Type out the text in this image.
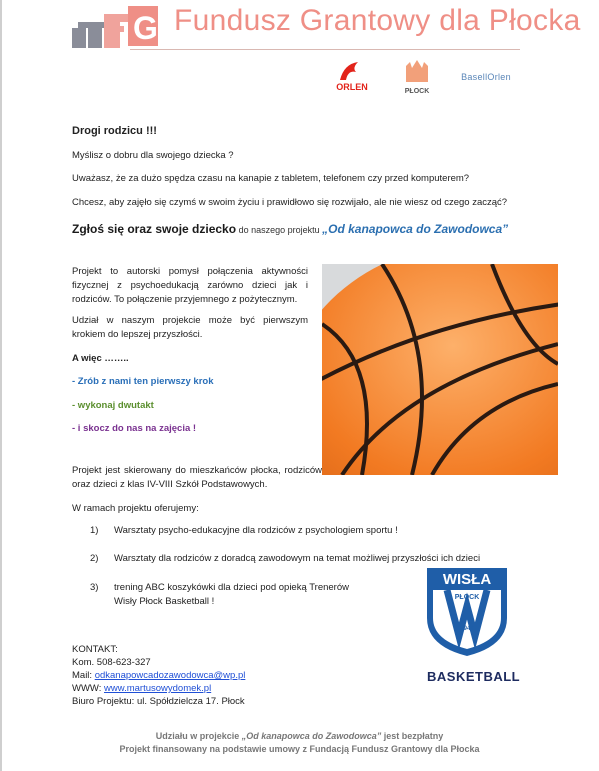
G Fundusz Grantowy dla Płocka
ORLEN	PŁOCK
BasellOrlen
Drogi rodzicu !!!
Myślisz o dobru dla swojego dziecka ?
Uważasz, że za dużo spędza czasu na kanapie z tabletem, telefonem czy przed komputerem?
Chcesz, aby zajęło się czymś w swoim życiu i prawidłowo się rozwijało, ale nie wiesz od czego zacząć?
Zgłoś się oraz swoje dziecko do naszego projektu „Od kanapowca do Zawodowca”
Projekt to autorski pomysł połączenia aktywności fizycznej z psychoedukacją zarówno dzieci jak i rodziców. To połączenie przyjemnego z pożytecznym.
Udział w naszym projekcie może być pierwszym krokiem do lepszej przyszłości.
A więc ……..
- Zrób z nami ten pierwszy krok
- wykonaj dwutakt
- i skocz do nas na zajęcia !
Projekt jest skierowany do mieszkańców płocka, rodziców oraz dzieci z klas IV-VIII Szkół Podstawowych.
W ramach projektu oferujemy:
1)	Warsztaty psycho-edukacyjne dla rodziców z psychologiem sportu !
2)	Warsztaty dla rodziców z doradcą zawodowym na temat możliwej przyszłości ich dzieci
3)	trening ABC koszykówki dla dzieci pod opieką Trenerów Wisły Płock Basketball !
WISŁA
PŁOCK
1947
BASKETBALL
KONTAKT:
Kom. 508-623-327
Mail: odkanapowcadozawodowca@wp.pl
WWW: www.martusowydomek.pl
Biuro Projektu: ul. Spółdzielcza 17. Płock
Udziału w projekcie „Od kanapowca do Zawodowca” jest bezpłatny
Projekt finansowany na podstawie umowy z Fundacją Fundusz Grantowy dla Płocka
